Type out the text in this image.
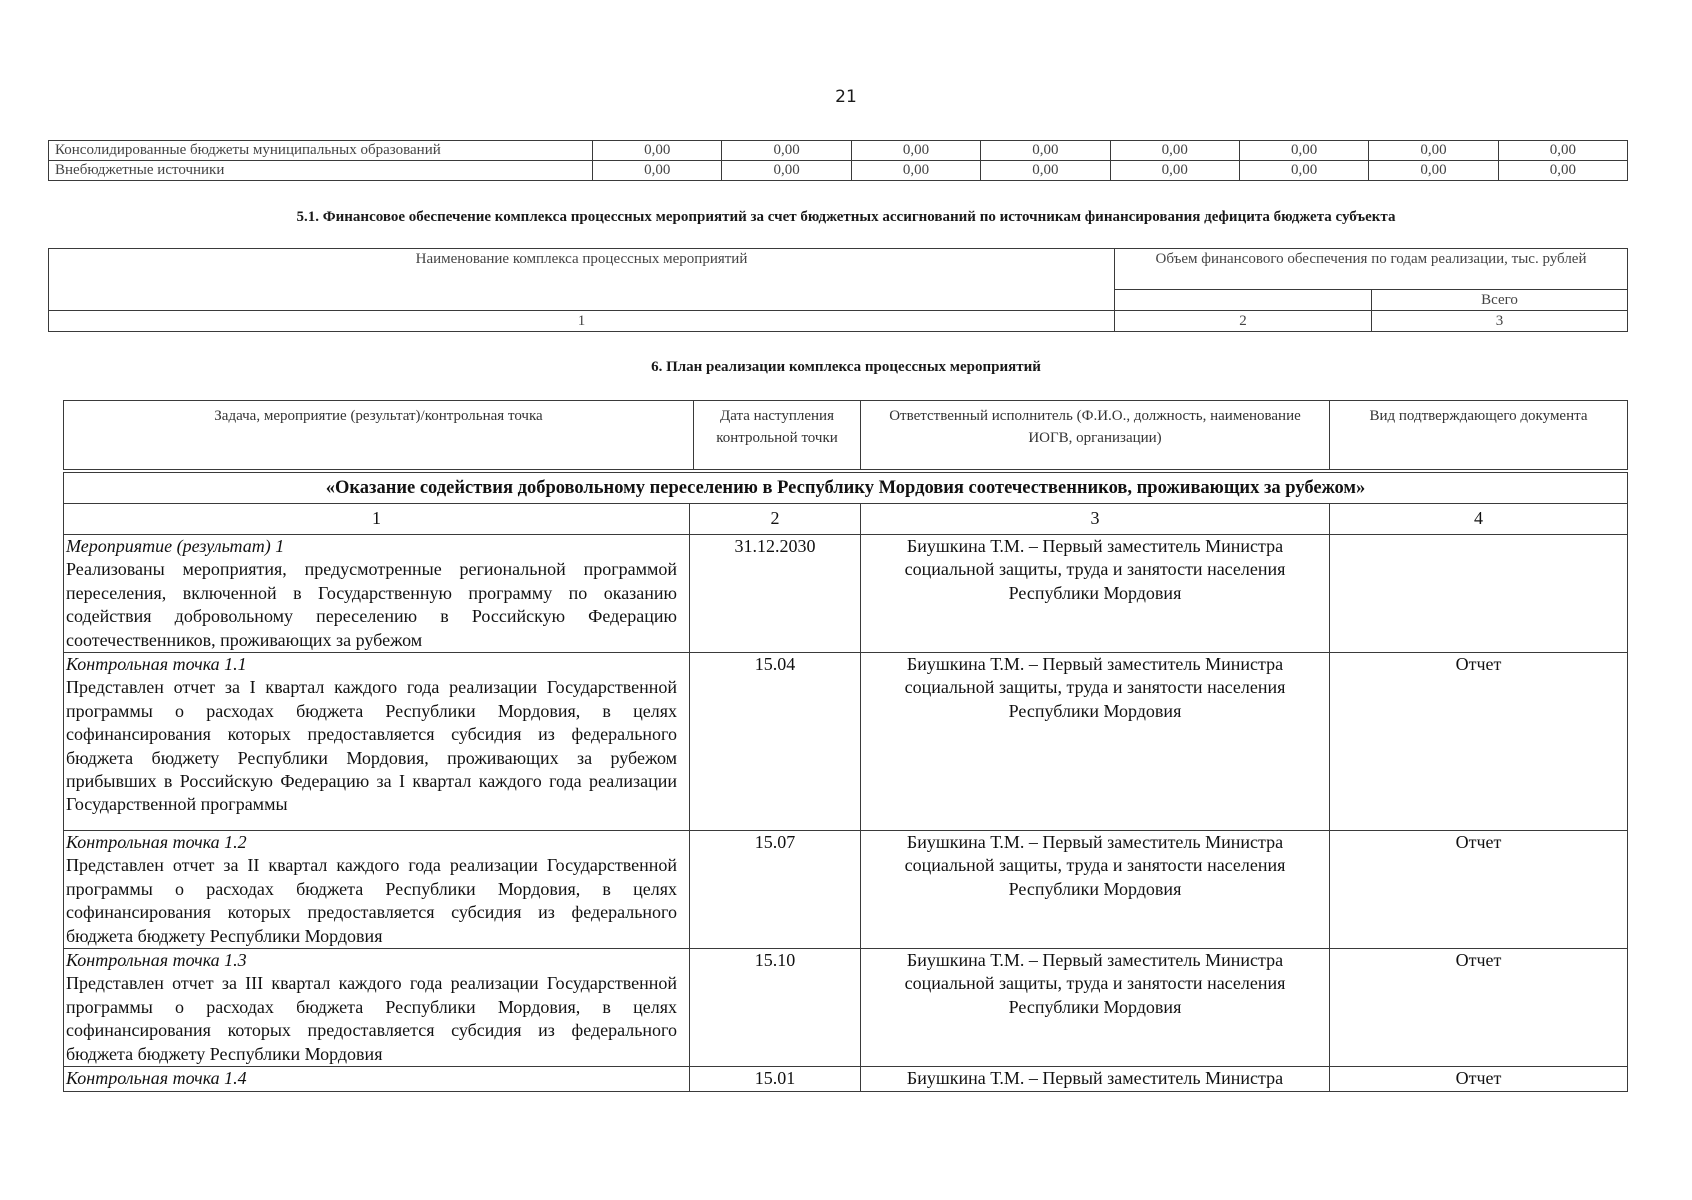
21
Консолидированные бюджеты муниципальных образований	0,00	0,00	0,00	0,00	0,00	0,00	0,00	0,00
Внебюджетные источники	0,00	0,00	0,00	0,00	0,00	0,00	0,00	0,00
5.1. Финансовое обеспечение комплекса процессных мероприятий за счет бюджетных ассигнований по источникам финансирования дефицита бюджета субъекта
Наименование комплекса процессных мероприятий	Объем финансового обеспечения по годам реализации, тыс. рублей	
		Всего
1	2	3
6. План реализации комплекса процессных мероприятий
Задача, мероприятие (результат)/контрольная точка	Дата наступления контрольной точки	Ответственный исполнитель (Ф.И.О., должность, наименование ИОГВ, организации)	Вид подтверждающего документа
«Оказание содействия добровольному переселению в Республику Мордовия соотечественников, проживающих за рубежом»			
1	2	3	4

Мероприятие (результат) 1
Реализованы мероприятия, предусмотренные региональной программой переселения, включенной в Государственную программу по оказанию содействия добровольному переселению в Российскую Федерацию соотечественников, проживающих за рубежом	31.12.2030	Биушкина Т.М. – Первый заместитель Министра социальной защиты, труда и занятости населения Республики Мордовия	

Контрольная точка 1.1
Представлен отчет за I квартал каждого года реализации Государственной программы о расходах бюджета Республики Мордовия, в целях софинансирования которых предоставляется субсидия из федерального бюджета бюджету Республики Мордовия, проживающих за рубежом прибывших в Российскую Федерацию за I квартал каждого года реализации Государственной программы	15.04	Биушкина Т.М. – Первый заместитель Министра социальной защиты, труда и занятости населения Республики Мордовия	Отчет

Контрольная точка 1.2
Представлен отчет за II квартал каждого года реализации Государственной программы о расходах бюджета Республики Мордовия, в целях софинансирования которых предоставляется субсидия из федерального бюджета бюджету Республики Мордовия	15.07	Биушкина Т.М. – Первый заместитель Министра социальной защиты, труда и занятости населения Республики Мордовия	Отчет

Контрольная точка 1.3
Представлен отчет за III квартал каждого года реализации Государственной программы о расходах бюджета Республики Мордовия, в целях софинансирования которых предоставляется субсидия из федерального бюджета бюджету Республики Мордовия	15.10	Биушкина Т.М. – Первый заместитель Министра социальной защиты, труда и занятости населения Республики Мордовия	Отчет

Контрольная точка 1.4	15.01	Биушкина Т.М. – Первый заместитель Министра	Отчет
